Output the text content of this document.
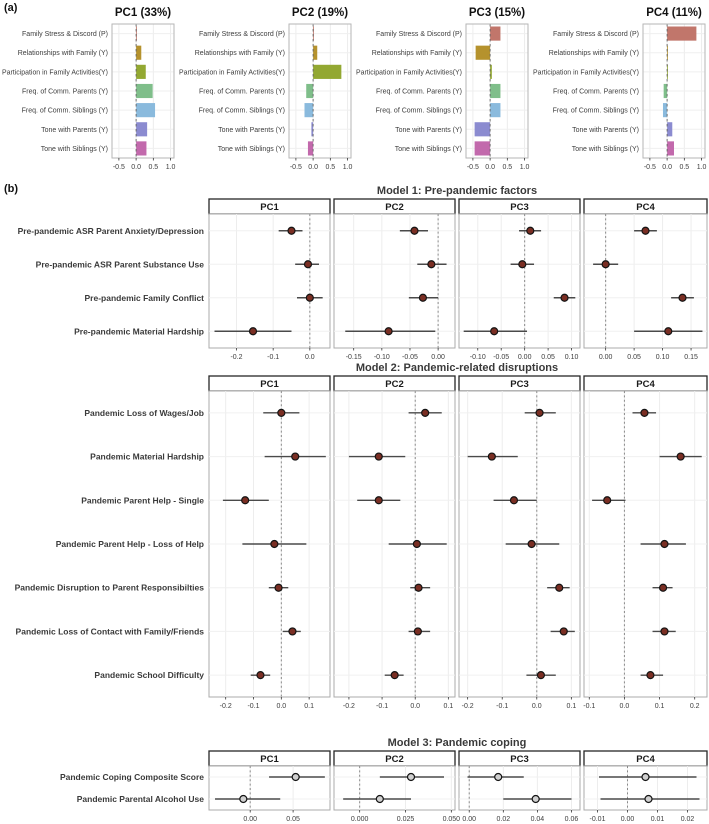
(a)	PC1 (33%)
Family Stress & Discord (P)
Relationships with Family (Y)
Participation in Family Activities(Y)
Freq. of Comm. Parents (Y)
Freq. of Comm. Siblings (Y)
Tone with Parents (Y)
Tone with Siblings (Y)
-0.5 0.0 0.5 1.0
PC2 (19%)
Family Stress & Discord (P)
Relationships with Family (Y)
Participation in Family Activities(Y)
Freq. of Comm. Parents (Y)
Freq. of Comm. Siblings (Y)
Tone with Parents (Y)
Tone with Siblings (Y)
-0.5 0.0 0.5 1.0
PC3 (15%)
Family Stress & Discord (P)
Relationships with Family (Y)
Participation in Family Activities(Y)
Freq. of Comm. Parents (Y)
Freq. of Comm. Siblings (Y)
Tone with Parents (Y)
Tone with Siblings (Y)
-0.5 0.0 0.5 1.0
PC4 (11%)
Family Stress & Discord (P)
Relationships with Family (Y)
Participation in Family Activities(Y)
Freq. of Comm. Parents (Y)
Freq. of Comm. Siblings (Y)
Tone with Parents (Y)
Tone with Siblings (Y)
-0.5 0.0 0.5 1.0
(b)	Model 1: Pre-pandemic factors
Pre-pandemic ASR Parent Anxiety/Depression
Pre-pandemic ASR Parent Substance Use
Pre-pandemic Family Conflict
Pre-pandemic Material Hardship
PC1
-0.2	-0.1	0.0
PC2
-0.15 -0.10 -0.05 0.00
PC3
-0.10 -0.05 0.00 0.05 0.10
PC4
0.00 0.05 0.10 0.15
Model 2: Pandemic-related disruptions
Pandemic Loss of Wages/Job
Pandemic Material Hardship
Pandemic Parent Help - Single
Pandemic Parent Help - Loss of Help
Pandemic Disruption to Parent Responsibilties
Pandemic Loss of Contact with Family/Friends
Pandemic School Difficulty
PC1
-0.2 -0.1 0.0	0.1
PC2
-0.2	-0.1	0.0	0.1
PC3
-0.2	-0.1	0.0	0.1
PC4
-0.1	0.0	0.1	0.2
Model 3: Pandemic coping
Pandemic Coping Composite Score
Pandemic Parental Alcohol Use
PC1
0.00	0.05
PC2
0.000	0.025	0.050
PC3
0.00	0.02	0.04	0.06
PC4
-0.01 0.00 0.01 0.02
